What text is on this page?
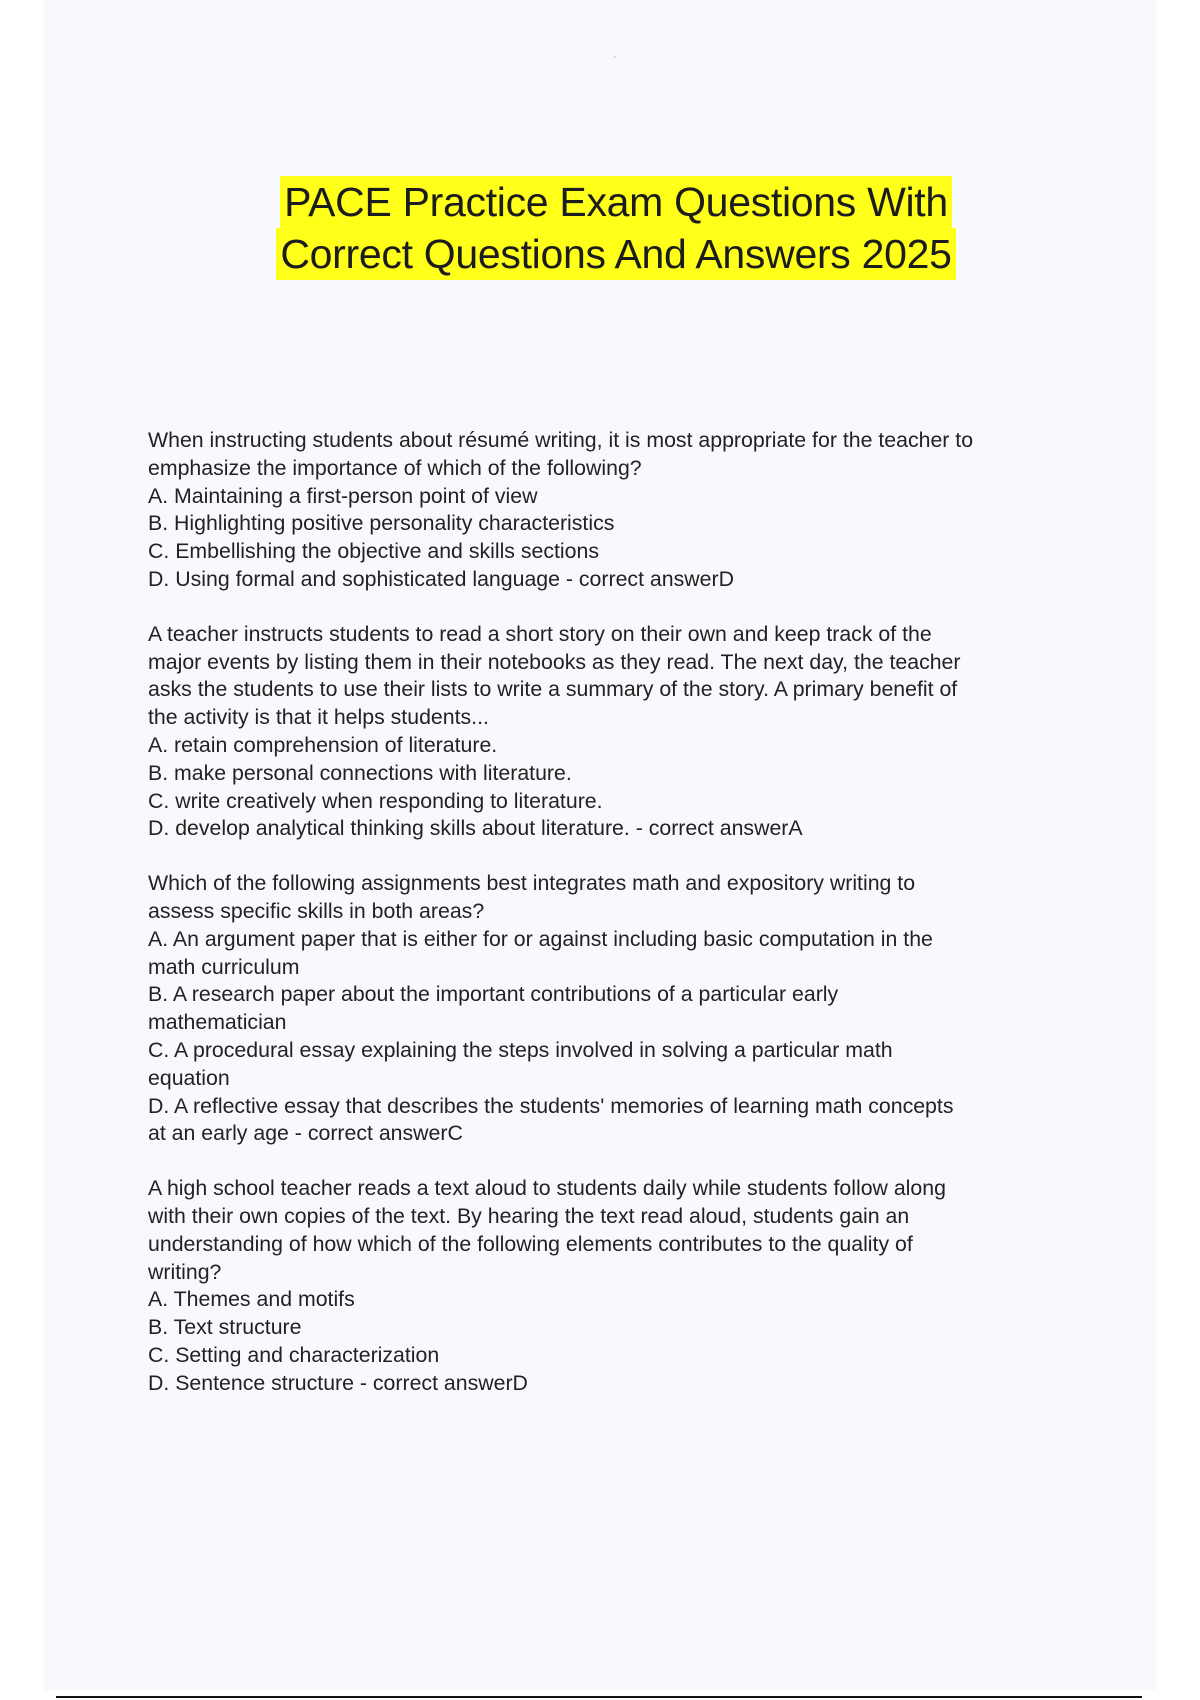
PACE Practice Exam Questions With
Correct Questions And Answers 2025
When instructing students about résumé writing, it is most appropriate for the teacher to
emphasize the importance of which of the following?
A. Maintaining a first-person point of view
B. Highlighting positive personality characteristics
C. Embellishing the objective and skills sections
D. Using formal and sophisticated language - correct answerD
A teacher instructs students to read a short story on their own and keep track of the
major events by listing them in their notebooks as they read. The next day, the teacher
asks the students to use their lists to write a summary of the story. A primary benefit of
the activity is that it helps students...
A. retain comprehension of literature.
B. make personal connections with literature.
C. write creatively when responding to literature.
D. develop analytical thinking skills about literature. - correct answerA
Which of the following assignments best integrates math and expository writing to
assess specific skills in both areas?
A. An argument paper that is either for or against including basic computation in the
math curriculum
B. A research paper about the important contributions of a particular early
mathematician
C. A procedural essay explaining the steps involved in solving a particular math
equation
D. A reflective essay that describes the students' memories of learning math concepts
at an early age - correct answerC
A high school teacher reads a text aloud to students daily while students follow along
with their own copies of the text. By hearing the text read aloud, students gain an
understanding of how which of the following elements contributes to the quality of
writing?
A. Themes and motifs
B. Text structure
C. Setting and characterization
D. Sentence structure - correct answerD
